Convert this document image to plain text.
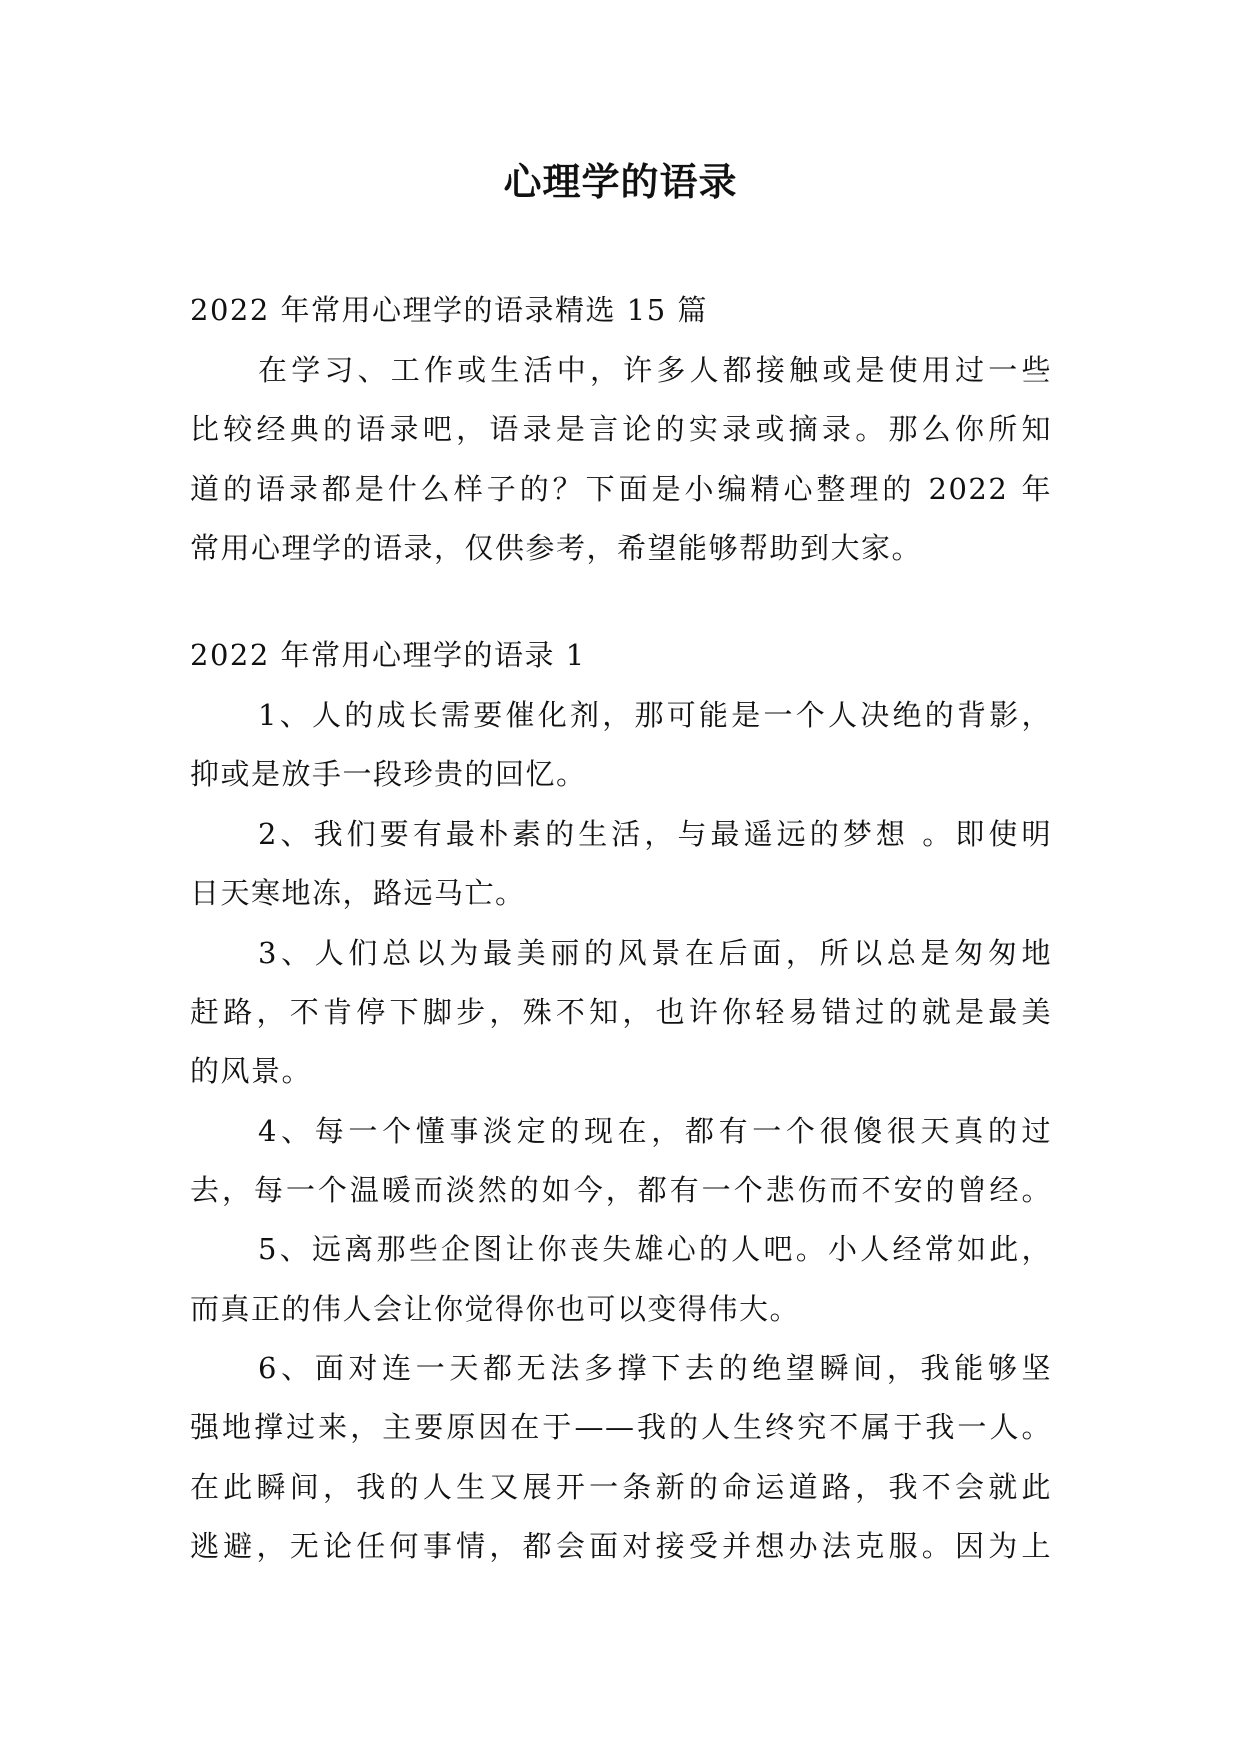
心理学的语录

2022 年常用心理学的语录精选 15 篇

在学习、工作或生活中，许多人都接触或是使用过一些

比较经典的语录吧，语录是言论的实录或摘录。那么你所知

道的语录都是什么样子的？下面是小编精心整理的 2022 年

常用心理学的语录，仅供参考，希望能够帮助到大家。

2022 年常用心理学的语录 1

1、人的成长需要催化剂，那可能是一个人决绝的背影，

抑或是放手一段珍贵的回忆。

2、我们要有最朴素的生活，与最遥远的梦想 。即使明

日天寒地冻，路远马亡。

3、人们总以为最美丽的风景在后面，所以总是匆匆地

赶路，不肯停下脚步，殊不知，也许你轻易错过的就是最美

的风景。

4、每一个懂事淡定的现在，都有一个很傻很天真的过

去，每一个温暖而淡然的如今，都有一个悲伤而不安的曾经。

5、远离那些企图让你丧失雄心的人吧。小人经常如此，

而真正的伟人会让你觉得你也可以变得伟大。

6、面对连一天都无法多撑下去的绝望瞬间，我能够坚

强地撑过来，主要原因在于——我的人生终究不属于我一人。

在此瞬间，我的人生又展开一条新的命运道路，我不会就此

逃避，无论任何事情，都会面对接受并想办法克服。因为上
